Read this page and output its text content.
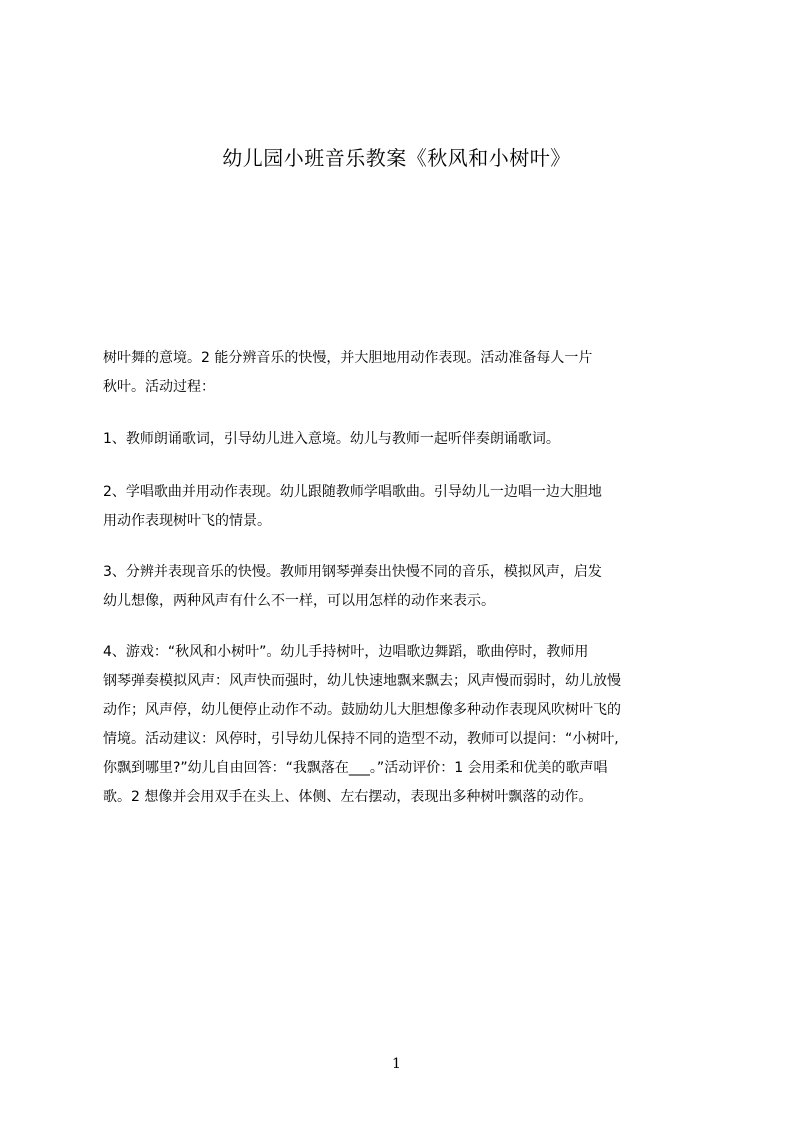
幼儿园小班音乐教案《秋风和小树叶》

树叶舞的意境。2 能分辨音乐的快慢，并大胆地用动作表现。活动准备每人一片
秋叶。活动过程：

1、教师朗诵歌词，引导幼儿进入意境。幼儿与教师一起听伴奏朗诵歌词。

2、学唱歌曲并用动作表现。幼儿跟随教师学唱歌曲。引导幼儿一边唱一边大胆地
用动作表现树叶飞的情景。

3、分辨并表现音乐的快慢。教师用钢琴弹奏出快慢不同的音乐，模拟风声，启发
幼儿想像，两种风声有什么不一样，可以用怎样的动作来表示。

4、游戏：“秋风和小树叶”。幼儿手持树叶，边唱歌边舞蹈，歌曲停时，教师用
钢琴弹奏模拟风声：风声快而强时，幼儿快速地飘来飘去；风声慢而弱时，幼儿放慢
动作；风声停，幼儿便停止动作不动。鼓励幼儿大胆想像多种动作表现风吹树叶飞的
情境。活动建议：风停时，引导幼儿保持不同的造型不动，教师可以提问：“小树叶,
你飘到哪里?”幼儿自由回答：“我飘落在___。”活动评价：1 会用柔和优美的歌声唱
歌。2 想像并会用双手在头上、体侧、左右摆动，表现出多种树叶飘落的动作。

1
